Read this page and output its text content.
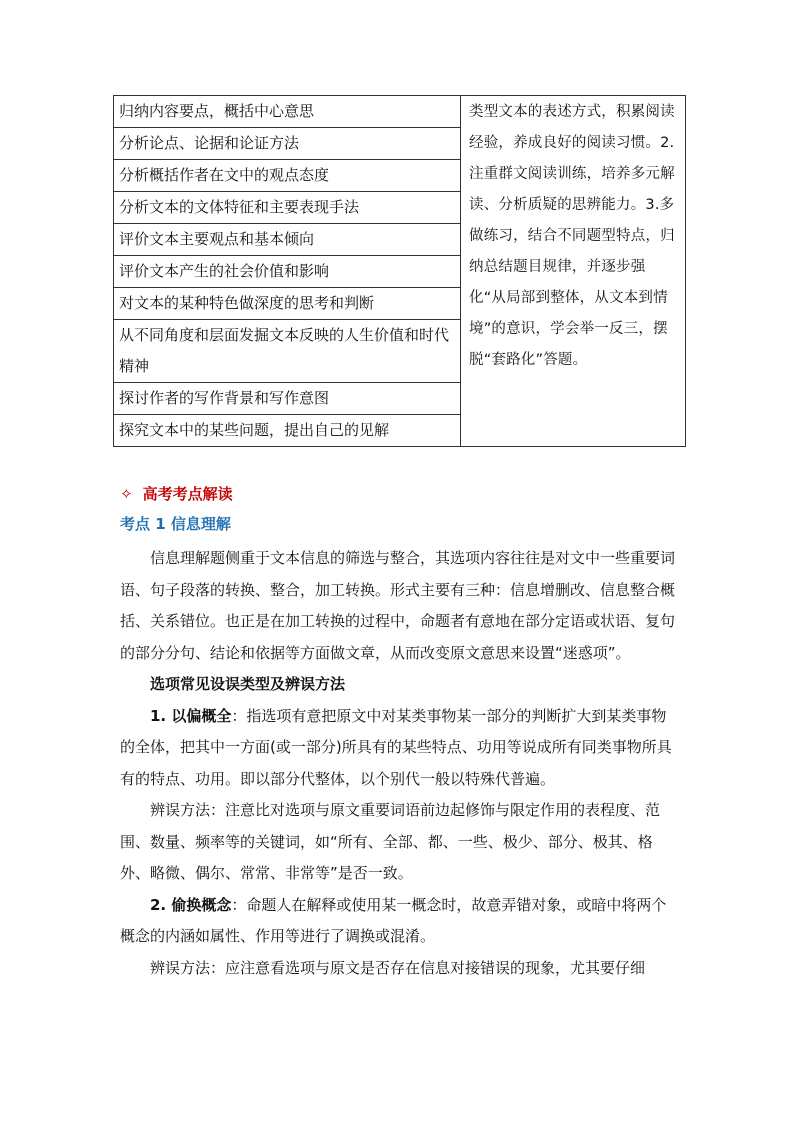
归纳内容要点，概括中心意思	类型文本的表述方式，积累阅读经验，养成良好的阅读习惯。2.注重群文阅读训练，培养多元解读、分析质疑的思辨能力。3.多做练习，结合不同题型特点，归纳总结题目规律，并逐步强化“从局部到整体，从文本到情境”的意识，学会举一反三，摆脱“套路化”答题。
分析论点、论据和论证方法
分析概括作者在文中的观点态度
分析文本的文体特征和主要表现手法
评价文本主要观点和基本倾向
评价文本产生的社会价值和影响
对文本的某种特色做深度的思考和判断
从不同角度和层面发掘文本反映的人生价值和时代精神
探讨作者的写作背景和写作意图
探究文本中的某些问题，提出自己的见解
✧ 高考考点解读
考点 1 信息理解

信息理解题侧重于文本信息的筛选与整合，其选项内容往往是对文中一些重要词语、句子段落的转换、整合，加工转换。形式主要有三种：信息增删改、信息整合概括、关系错位。也正是在加工转换的过程中，命题者有意地在部分定语或状语、复句的部分分句、结论和依据等方面做文章，从而改变原文意思来设置“迷惑项”。

选项常见设误类型及辨误方法

1. 以偏概全：指选项有意把原文中对某类事物某一部分的判断扩大到某类事物的全体，把其中一方面(或一部分)所具有的某些特点、功用等说成所有同类事物所具有的特点、功用。即以部分代整体，以个别代一般以特殊代普遍。

辨误方法：注意比对选项与原文重要词语前边起修饰与限定作用的表程度、范围、数量、频率等的关键词，如“所有、全部、都、一些、极少、部分、极其、格外、略微、偶尔、常常、非常等”是否一致。

2. 偷换概念：命题人在解释或使用某一概念时，故意弄错对象，或暗中将两个概念的内涵如属性、作用等进行了调换或混淆。

辨误方法：应注意看选项与原文是否存在信息对接错误的现象，尤其要仔细
